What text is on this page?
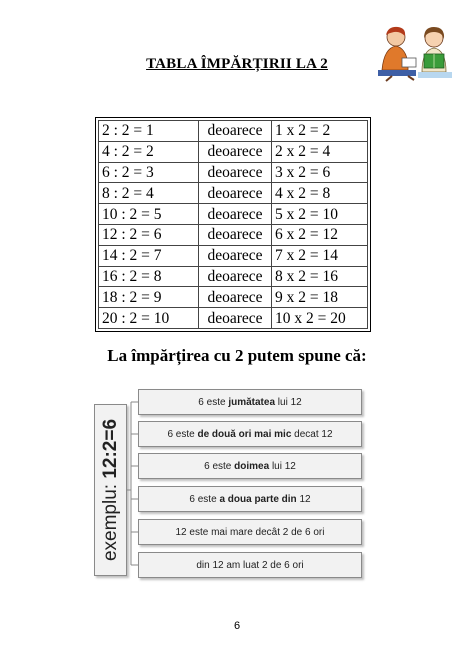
TABLA ÎMPĂRȚIRII LA 2
2 : 2 = 1	deoarece	1 x 2 = 2
4 : 2 = 2	deoarece	2 x 2 = 4
6 : 2 = 3	deoarece	3 x 2 = 6
8 : 2 = 4	deoarece	4 x 2 = 8
10 : 2 = 5	deoarece	5 x 2 = 10
12 : 2 = 6	deoarece	6 x 2 = 12
14 : 2 = 7	deoarece	7 x 2 = 14
16 : 2 = 8	deoarece	8 x 2 = 16
18 : 2 = 9	deoarece	9 x 2 = 18
20 : 2 = 10	deoarece	10 x 2 = 20
La împărțirea cu 2 putem spune că:
exemplu: 12:2=6
6 este jumătatea lui 12
6 este de două ori mai mic decat 12
6 este doimea lui 12
6 este a doua parte din 12
12 este mai mare decât 2 de 6 ori
din 12 am luat 2 de 6 ori
6
